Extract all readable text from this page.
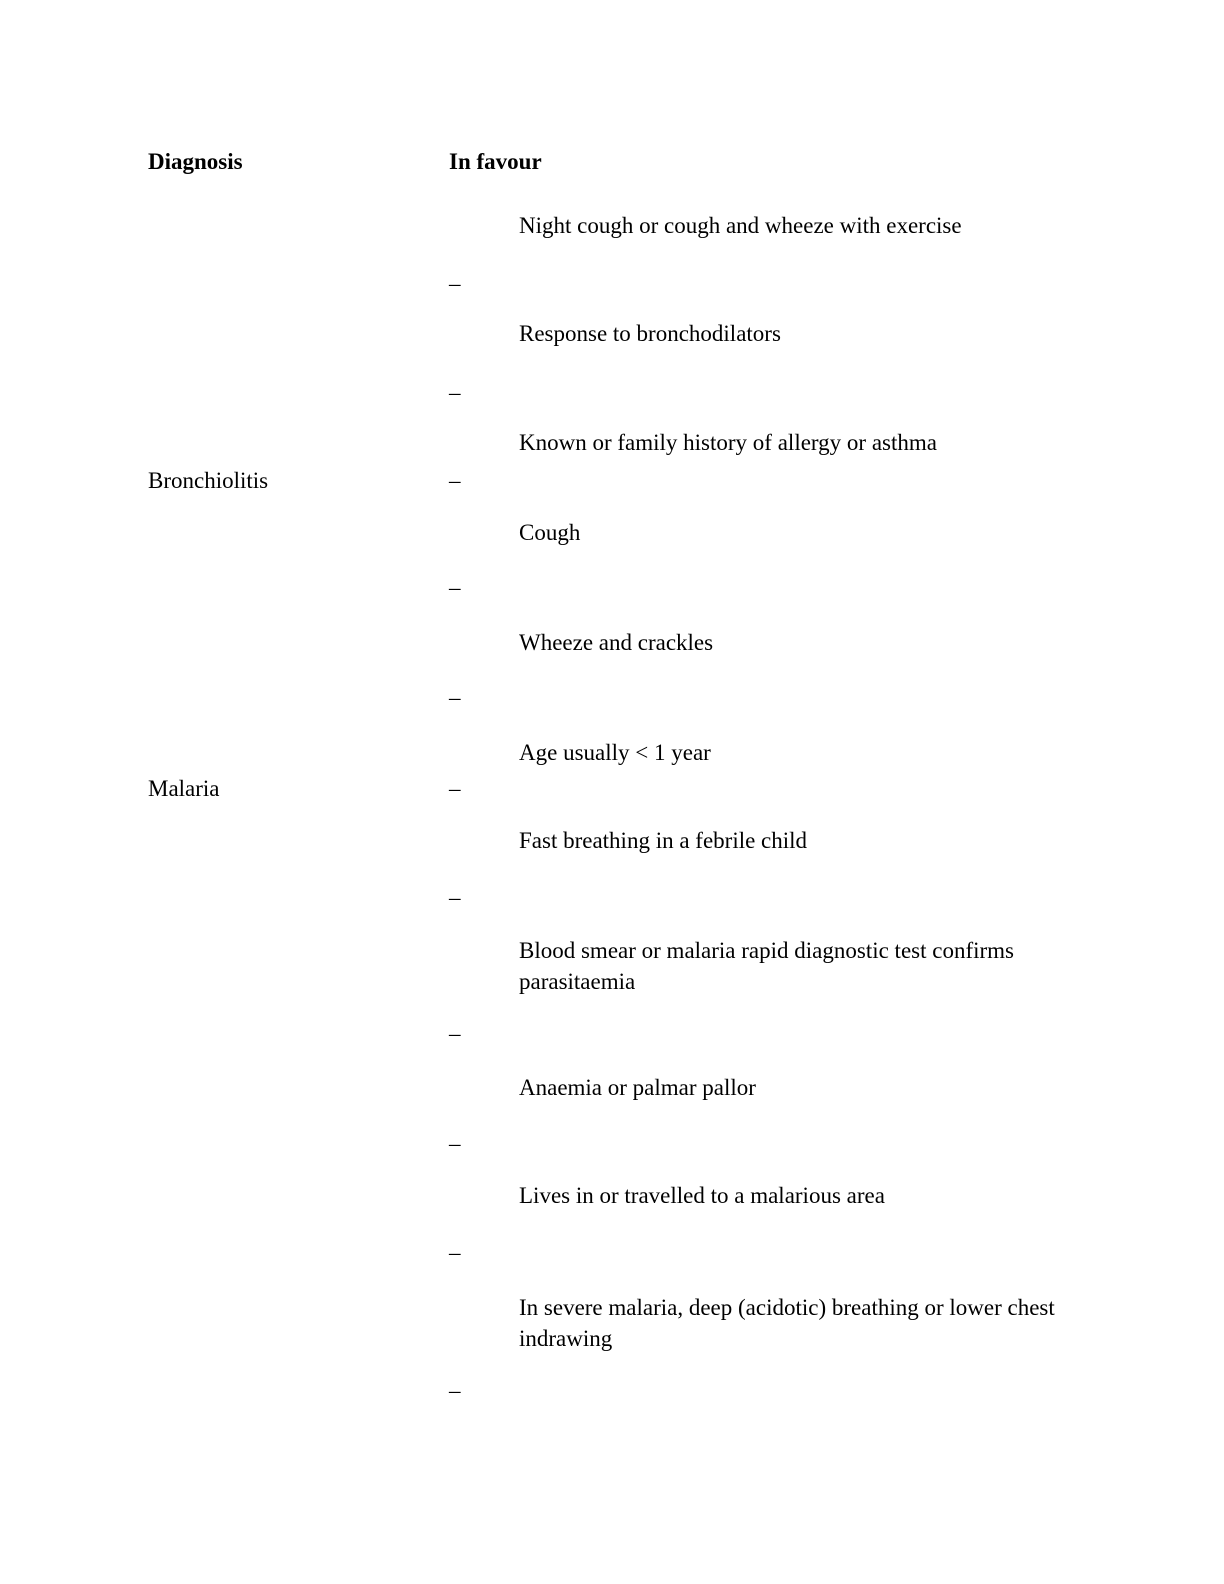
Diagnosis	In favour
Night cough or cough and wheeze with exercise
–
Response to bronchodilators
–
Known or family history of allergy or asthma
–
Bronchiolitis
Cough
–
Wheeze and crackles
–
Age usually < 1 year
–
Malaria
Fast breathing in a febrile child
–
Blood smear or malaria rapid diagnostic test confirms parasitaemia
–
Anaemia or palmar pallor
–
Lives in or travelled to a malarious area
–
In severe malaria, deep (acidotic) breathing or lower chest indrawing
–
